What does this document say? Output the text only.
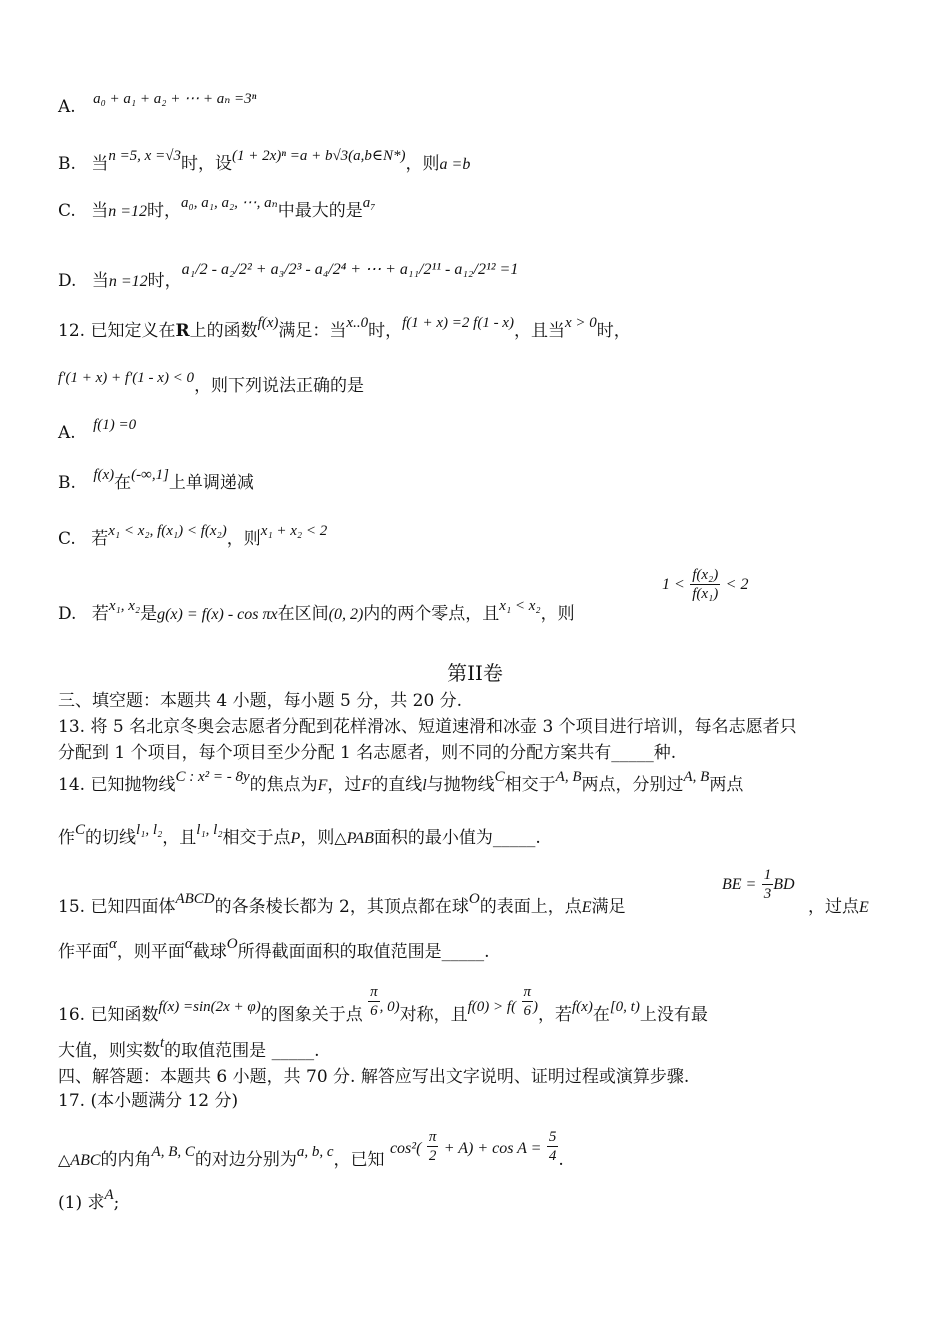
A. a₀ + a₁ + a₂ + ⋯ + aₙ =3ⁿ
B. 当n =5, x =√3时，设(1 + 2x)ⁿ =a + b√3(a,b∈N*)，则a =b
C. 当n =12时，a₀, a₁, a₂, ⋯, aₙ中最大的是a₇
D. 当n =12时，a₁/2 - a₂/2² + a₃/2³ - a₄/2⁴ + ⋯ + a₁₁/2¹¹ - a₁₂/2¹² =1
12. 已知定义在R上的函数f(x)满足：当x..0时，f(1 + x) =2 f(1 - x)，且当x > 0时，
f′(1 + x) + f′(1 - x) < 0，则下列说法正确的是
A. f(1) =0
B. f(x)在(-∞,1]上单调递减
C. 若x₁ < x₂, f(x₁) < f(x₂)，则x₁ + x₂ < 2
D. 若x₁, x₂是g(x) = f(x) - cos πx在区间(0, 2)内的两个零点，且x₁ < x₂，则
$1 < \frac{\text{f(x₂)}}{\text{f(x₁)}} < 2$
第II卷
三、填空题：本题共 4 小题，每小题 5 分，共 20 分.
13. 将 5 名北京冬奥会志愿者分配到花样滑冰、短道速滑和冰壶 3 个项目进行培训，每名志愿者只
分配到 1 个项目，每个项目至少分配 1 名志愿者，则不同的分配方案共有_____种.
14. 已知抛物线C : x² = - 8y的焦点为F，过F的直线l与抛物线C相交于A, B两点，分别过A, B两点
作C的切线l₁, l₂，且l₁, l₂相交于点P，则△PAB面积的最小值为_____.
15. 已知四面体ABCD的各条棱长都为 2，其顶点都在球O的表面上，点E满足
BE = $\frac{1}{3}$ BD
，过点E
作平面α，则平面α截球O所得截面面积的取值范围是_____.
16. 已知函数f(x) =sin(2x + φ)的图象关于点 $\frac{\pi}{6}$ , 0)对称，且$f(0) > f( \frac{\pi}{6}$ )，若f(x)在[0, t)上没有最
大值，则实数t的取值范围是 _____.
四、解答题：本题共 6 小题，共 70 分. 解答应写出文字说明、证明过程或演算步骤.
17. (本小题满分 12 分)
△ABC的内角A, B, C的对边分别为a, b, c，已知 $\cos^2( \frac{\pi}{2} + A) + \cos A = \frac{5}{4}$ .
(1) 求A;
